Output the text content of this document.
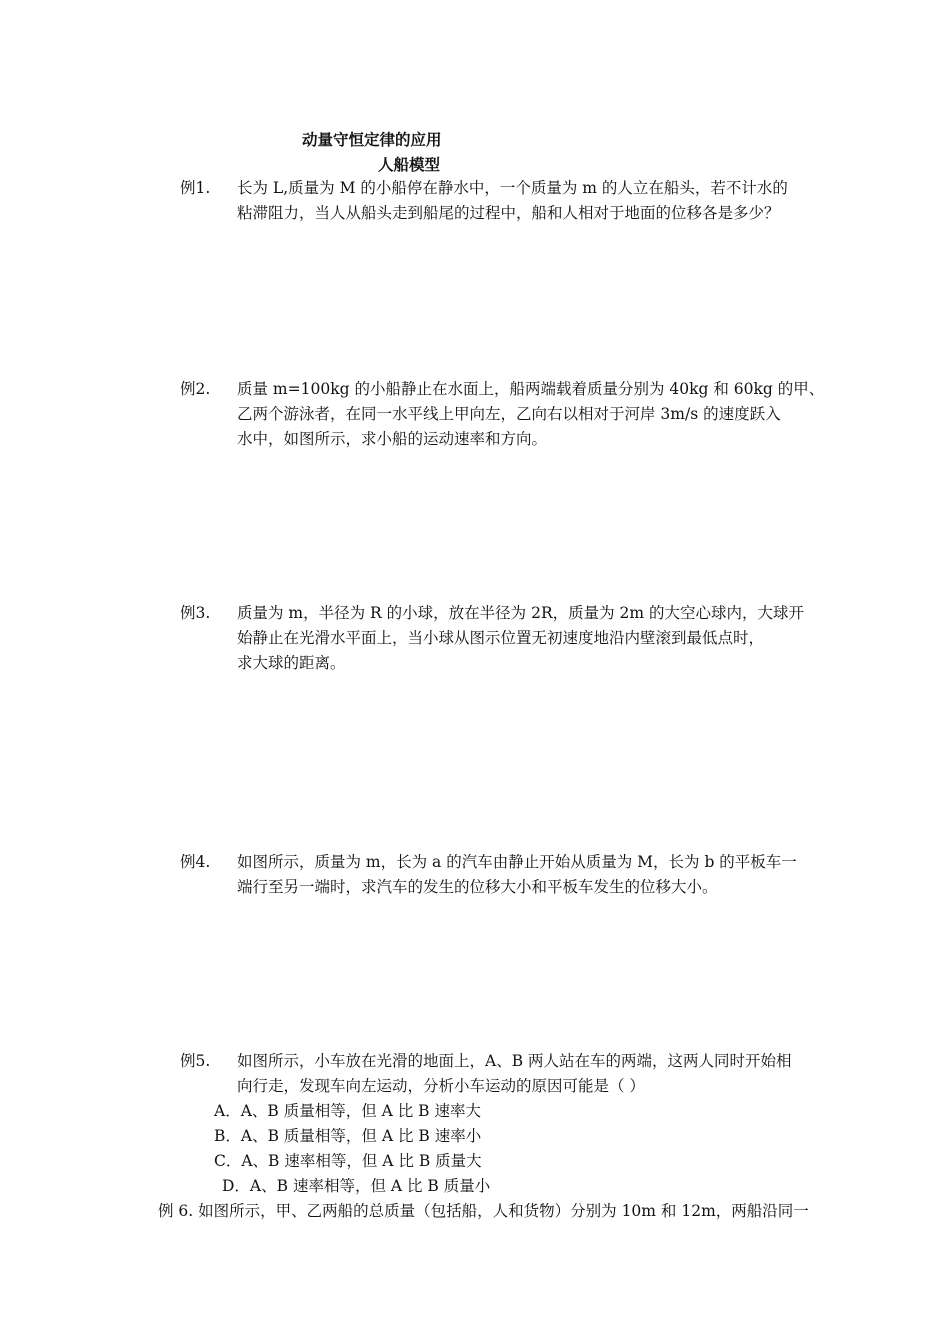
动量守恒定律的应用
人船模型
例1. 长为 L,质量为 M 的小船停在静水中，一个质量为 m 的人立在船头，若不计水的
粘滞阻力，当人从船头走到船尾的过程中，船和人相对于地面的位移各是多少？
例2. 质量 m=100kg 的小船静止在水面上，船两端载着质量分别为 40kg 和 60kg 的甲、
乙两个游泳者，在同一水平线上甲向左，乙向右以相对于河岸 3m/s 的速度跃入
水中，如图所示，求小船的运动速率和方向。
例3. 质量为 m，半径为 R 的小球，放在半径为 2R，质量为 2m 的大空心球内，大球开
始静止在光滑水平面上，当小球从图示位置无初速度地沿内壁滚到最低点时，
求大球的距离。
例4. 如图所示，质量为 m，长为 a 的汽车由静止开始从质量为 M，长为 b 的平板车一
端行至另一端时，求汽车的发生的位移大小和平板车发生的位移大小。
例5. 如图所示，小车放在光滑的地面上，A、B 两人站在车的两端，这两人同时开始相
向行走，发现车向左运动，分析小车运动的原因可能是（ ）
A．A、B 质量相等，但 A 比 B 速率大
B．A、B 质量相等，但 A 比 B 速率小
C．A、B 速率相等，但 A 比 B 质量大
D．A、B 速率相等，但 A 比 B 质量小
例 6. 如图所示，甲、乙两船的总质量（包括船，人和货物）分别为 10m 和 12m，两船沿同一
